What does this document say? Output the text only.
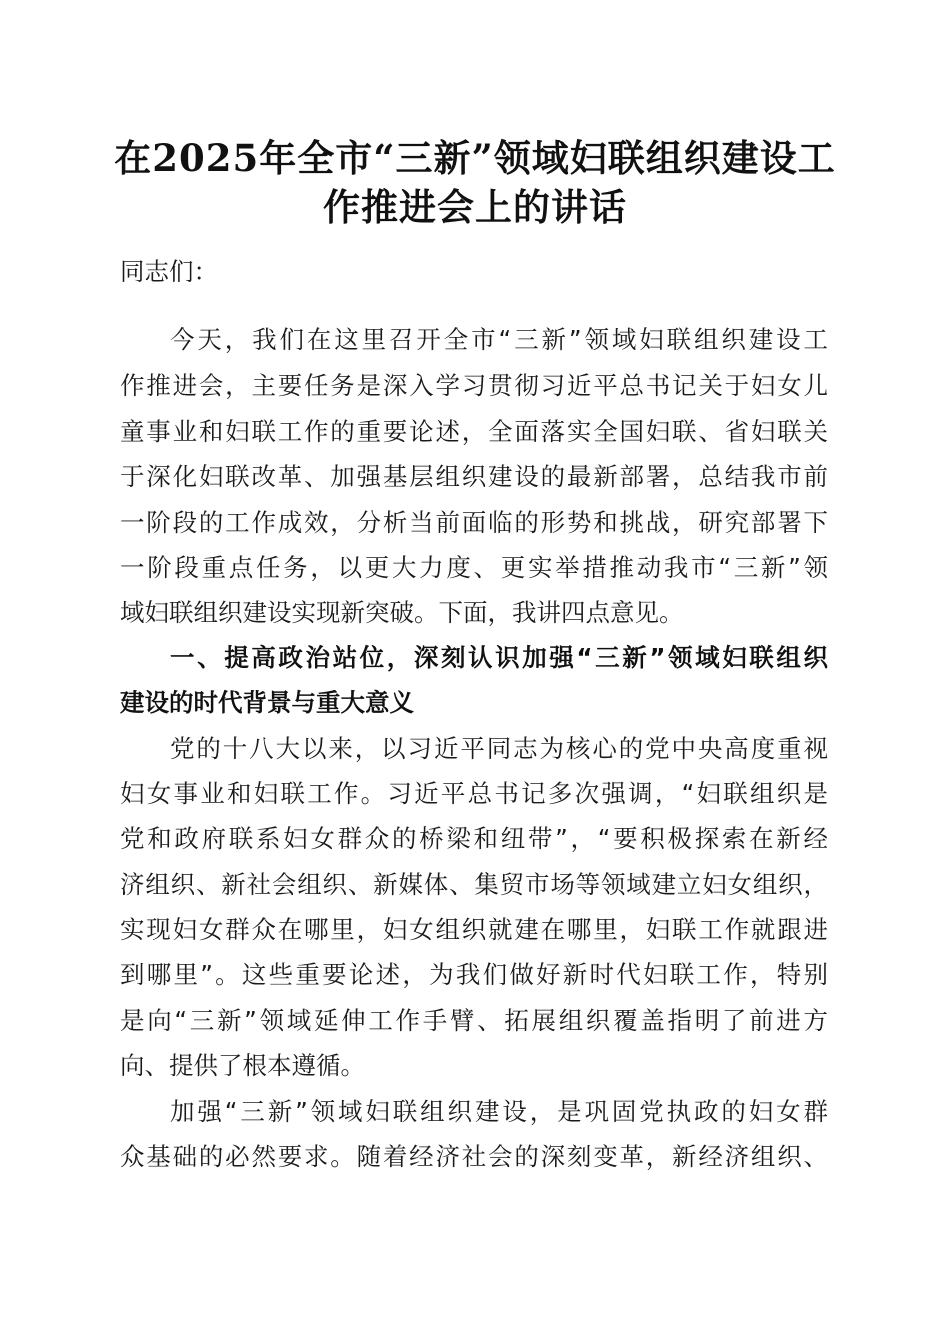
在2025年全市“三新”领域妇联组织建设工
作推进会上的讲话
同志们：
今天，我们在这里召开全市“三新”领域妇联组织建设工
作推进会，主要任务是深入学习贯彻习近平总书记关于妇女儿
童事业和妇联工作的重要论述，全面落实全国妇联、省妇联关
于深化妇联改革、加强基层组织建设的最新部署，总结我市前
一阶段的工作成效，分析当前面临的形势和挑战，研究部署下
一阶段重点任务，以更大力度、更实举措推动我市“三新”领
域妇联组织建设实现新突破。下面，我讲四点意见。
一、提高政治站位，深刻认识加强“三新”领域妇联组织
建设的时代背景与重大意义
党的十八大以来，以习近平同志为核心的党中央高度重视
妇女事业和妇联工作。习近平总书记多次强调，“妇联组织是
党和政府联系妇女群众的桥梁和纽带”，“要积极探索在新经
济组织、新社会组织、新媒体、集贸市场等领域建立妇女组织，
实现妇女群众在哪里，妇女组织就建在哪里，妇联工作就跟进
到哪里”。这些重要论述，为我们做好新时代妇联工作，特别
是向“三新”领域延伸工作手臂、拓展组织覆盖指明了前进方
向、提供了根本遵循。
加强“三新”领域妇联组织建设，是巩固党执政的妇女群
众基础的必然要求。随着经济社会的深刻变革，新经济组织、
